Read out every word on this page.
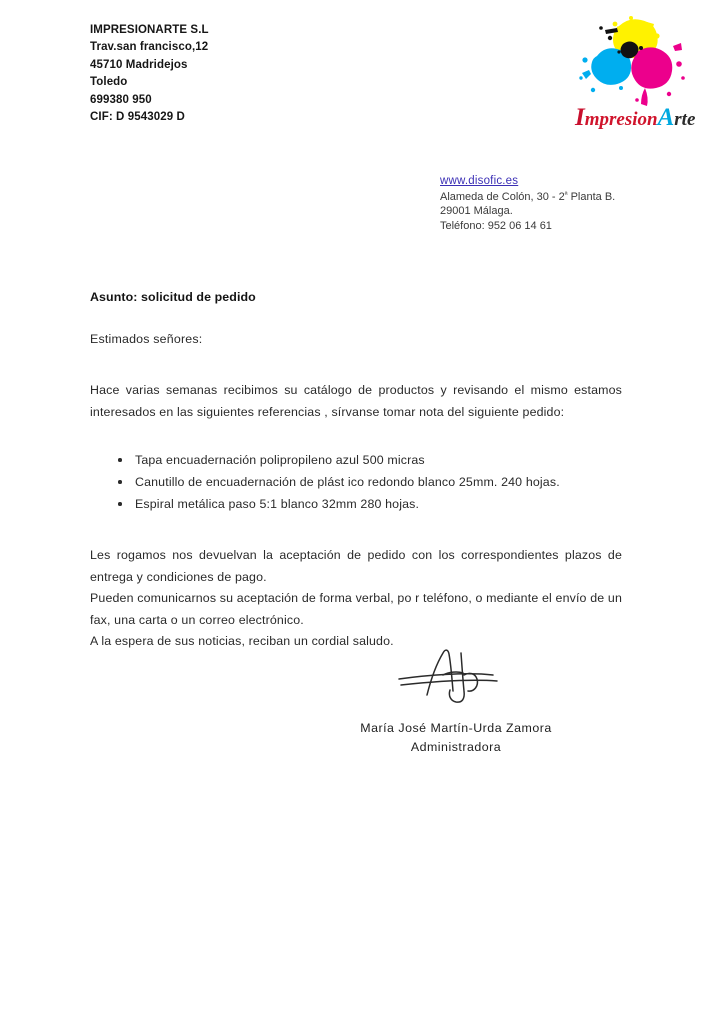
IMPRESIONARTE S.L
Trav.san francisco,12
45710 Madridejos
Toledo
699380 950
CIF: D 9543029 D	ImpresionArte
www.disofic.es
Alameda de Colón, $30 - 2^ª$ Planta B.
29001 Málaga.
Teléfono: 952 06 14 61

Asunto: solicitud de pedido

Estimados señores:

Hace varias semanas recibimos su catálogo de productos y revisando el mismo estamos interesados en las siguientes referencias , sírvanse tomar nota del siguiente pedido:

Tapa encuadernación polipropileno azul 500 micras
Canutillo de encuadernación de plást ico redondo blanco 25mm. 240 hojas.
Espiral metálica paso 5:1 blanco 32mm 280 hojas.

Les rogamos nos devuelvan la aceptación de pedido con los correspondientes plazos de entrega y condiciones de pago.

Pueden comunicarnos su aceptación de forma verbal, po r teléfono, o mediante el envío de un fax, una carta o un correo electrónico.
A la espera de sus noticias, reciban un cordial saludo.
María José Martín-Urda Zamora
Administradora
